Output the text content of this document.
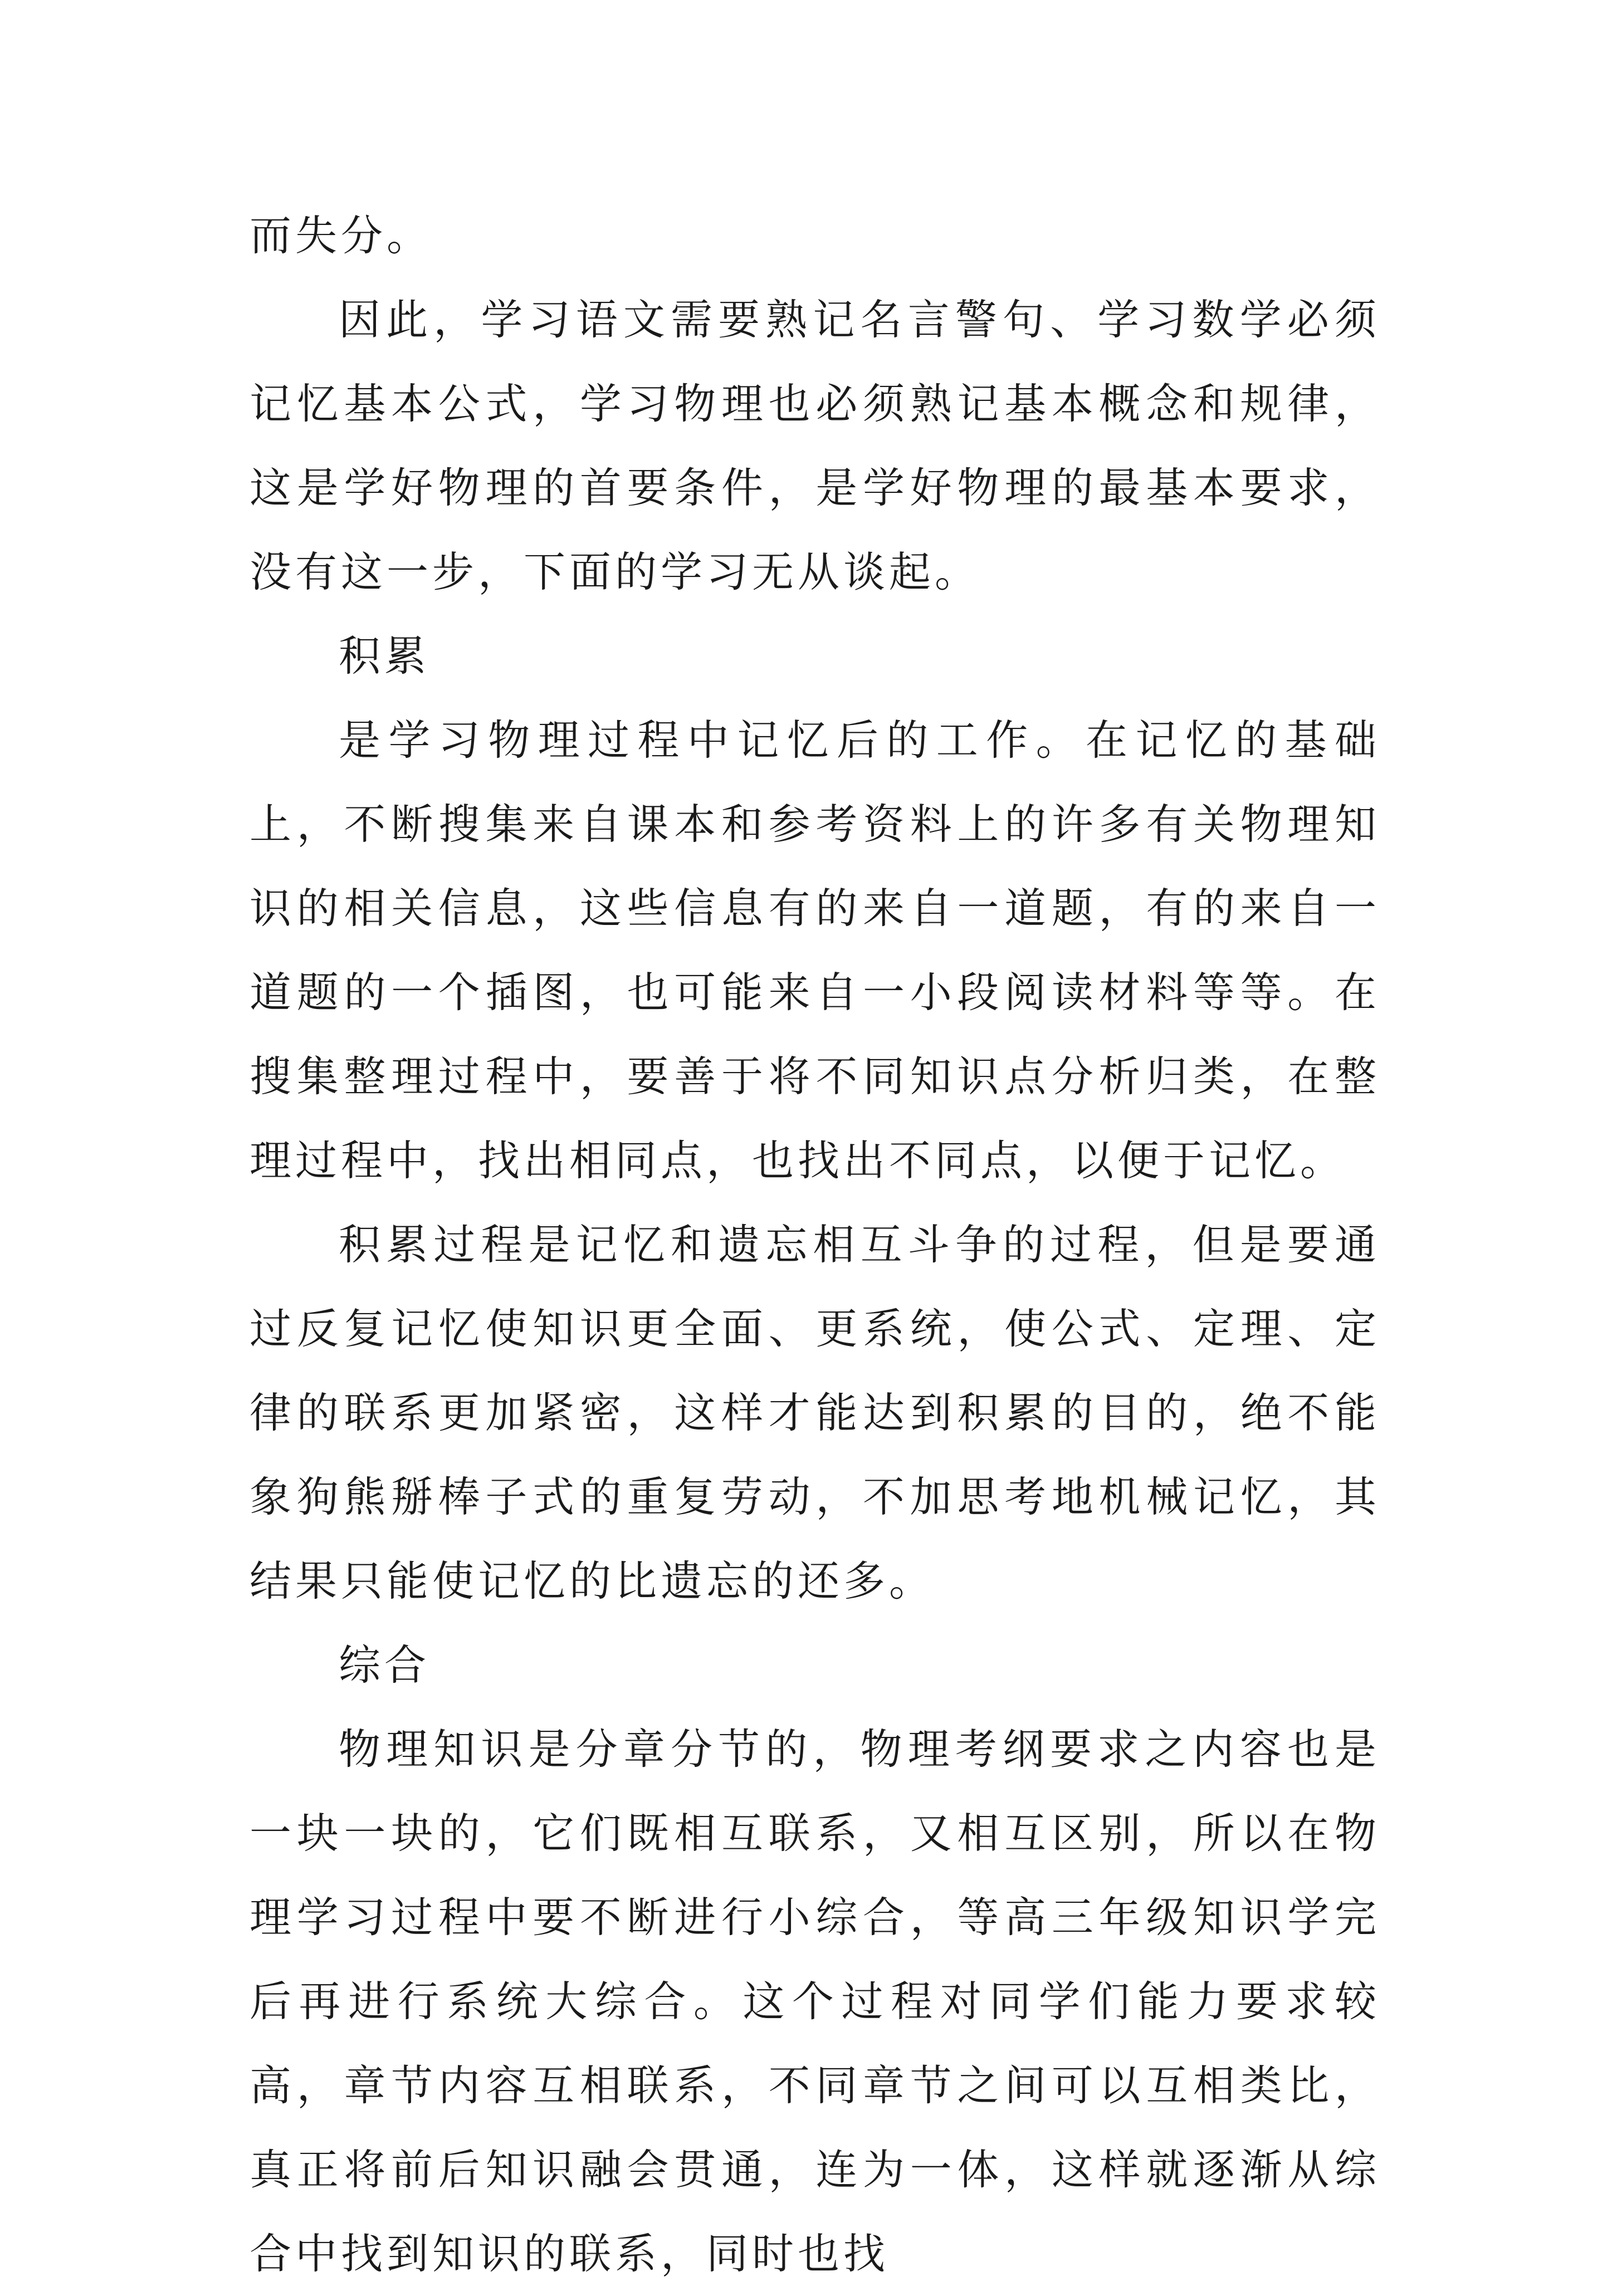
而失分。

因此，学习语文需要熟记名言警句、学习数学必须记忆基本公式，学习物理也必须熟记基本概念和规律，这是学好物理的首要条件，是学好物理的最基本要求，没有这一步，下面的学习无从谈起。

积累

是学习物理过程中记忆后的工作。在记忆的基础上，不断搜集来自课本和参考资料上的许多有关物理知识的相关信息，这些信息有的来自一道题，有的来自一道题的一个插图，也可能来自一小段阅读材料等等。在搜集整理过程中，要善于将不同知识点分析归类，在整理过程中，找出相同点，也找出不同点，以便于记忆。

积累过程是记忆和遗忘相互斗争的过程，但是要通过反复记忆使知识更全面、更系统，使公式、定理、定律的联系更加紧密，这样才能达到积累的目的，绝不能象狗熊掰棒子式的重复劳动，不加思考地机械记忆，其结果只能使记忆的比遗忘的还多。

综合

物理知识是分章分节的，物理考纲要求之内容也是一块一块的，它们既相互联系，又相互区别，所以在物理学习过程中要不断进行小综合，等高三年级知识学完后再进行系统大综合。这个过程对同学们能力要求较高，章节内容互相联系，不同章节之间可以互相类比，真正将前后知识融会贯通，连为一体，这样就逐渐从综合中找到知识的联系，同时也找
